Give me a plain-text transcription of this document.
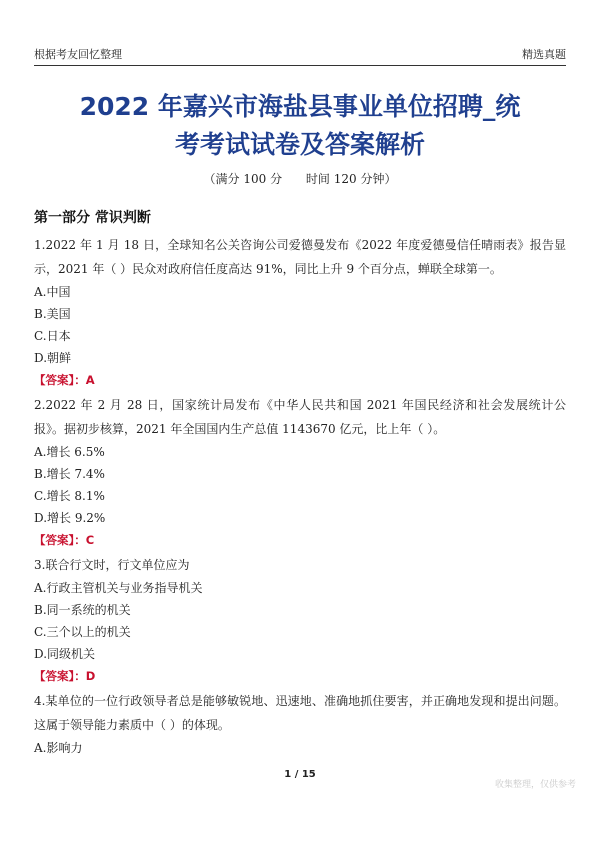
根据考友回忆整理	精选真题
2022 年嘉兴市海盐县事业单位招聘_统
考考试试卷及答案解析
（满分 100 分 时间 120 分钟）
第一部分 常识判断
1.2022 年 1 月 18 日，全球知名公关咨询公司爱德曼发布《2022 年度爱德曼信任晴雨表》报告显示，2021 年（ ）民众对政府信任度高达 91%，同比上升 9 个百分点，蝉联全球第一。
A.中国
B.美国
C.日本
D.朝鲜
【答案】：A
2.2022 年 2 月 28 日，国家统计局发布《中华人民共和国 2021 年国民经济和社会发展统计公报》。据初步核算，2021 年全国国内生产总值 1143670 亿元，比上年（ ）。
A.增长 6.5%
B.增长 7.4%
C.增长 8.1%
D.增长 9.2%
【答案】：C
3.联合行文时，行文单位应为
A.行政主管机关与业务指导机关
B.同一系统的机关
C.三个以上的机关
D.同级机关
【答案】：D
4.某单位的一位行政领导者总是能够敏锐地、迅速地、准确地抓住要害，并正确地发现和提出问题。这属于领导能力素质中（ ）的体现。
A.影响力
1 / 15
收集整理，仅供参考
